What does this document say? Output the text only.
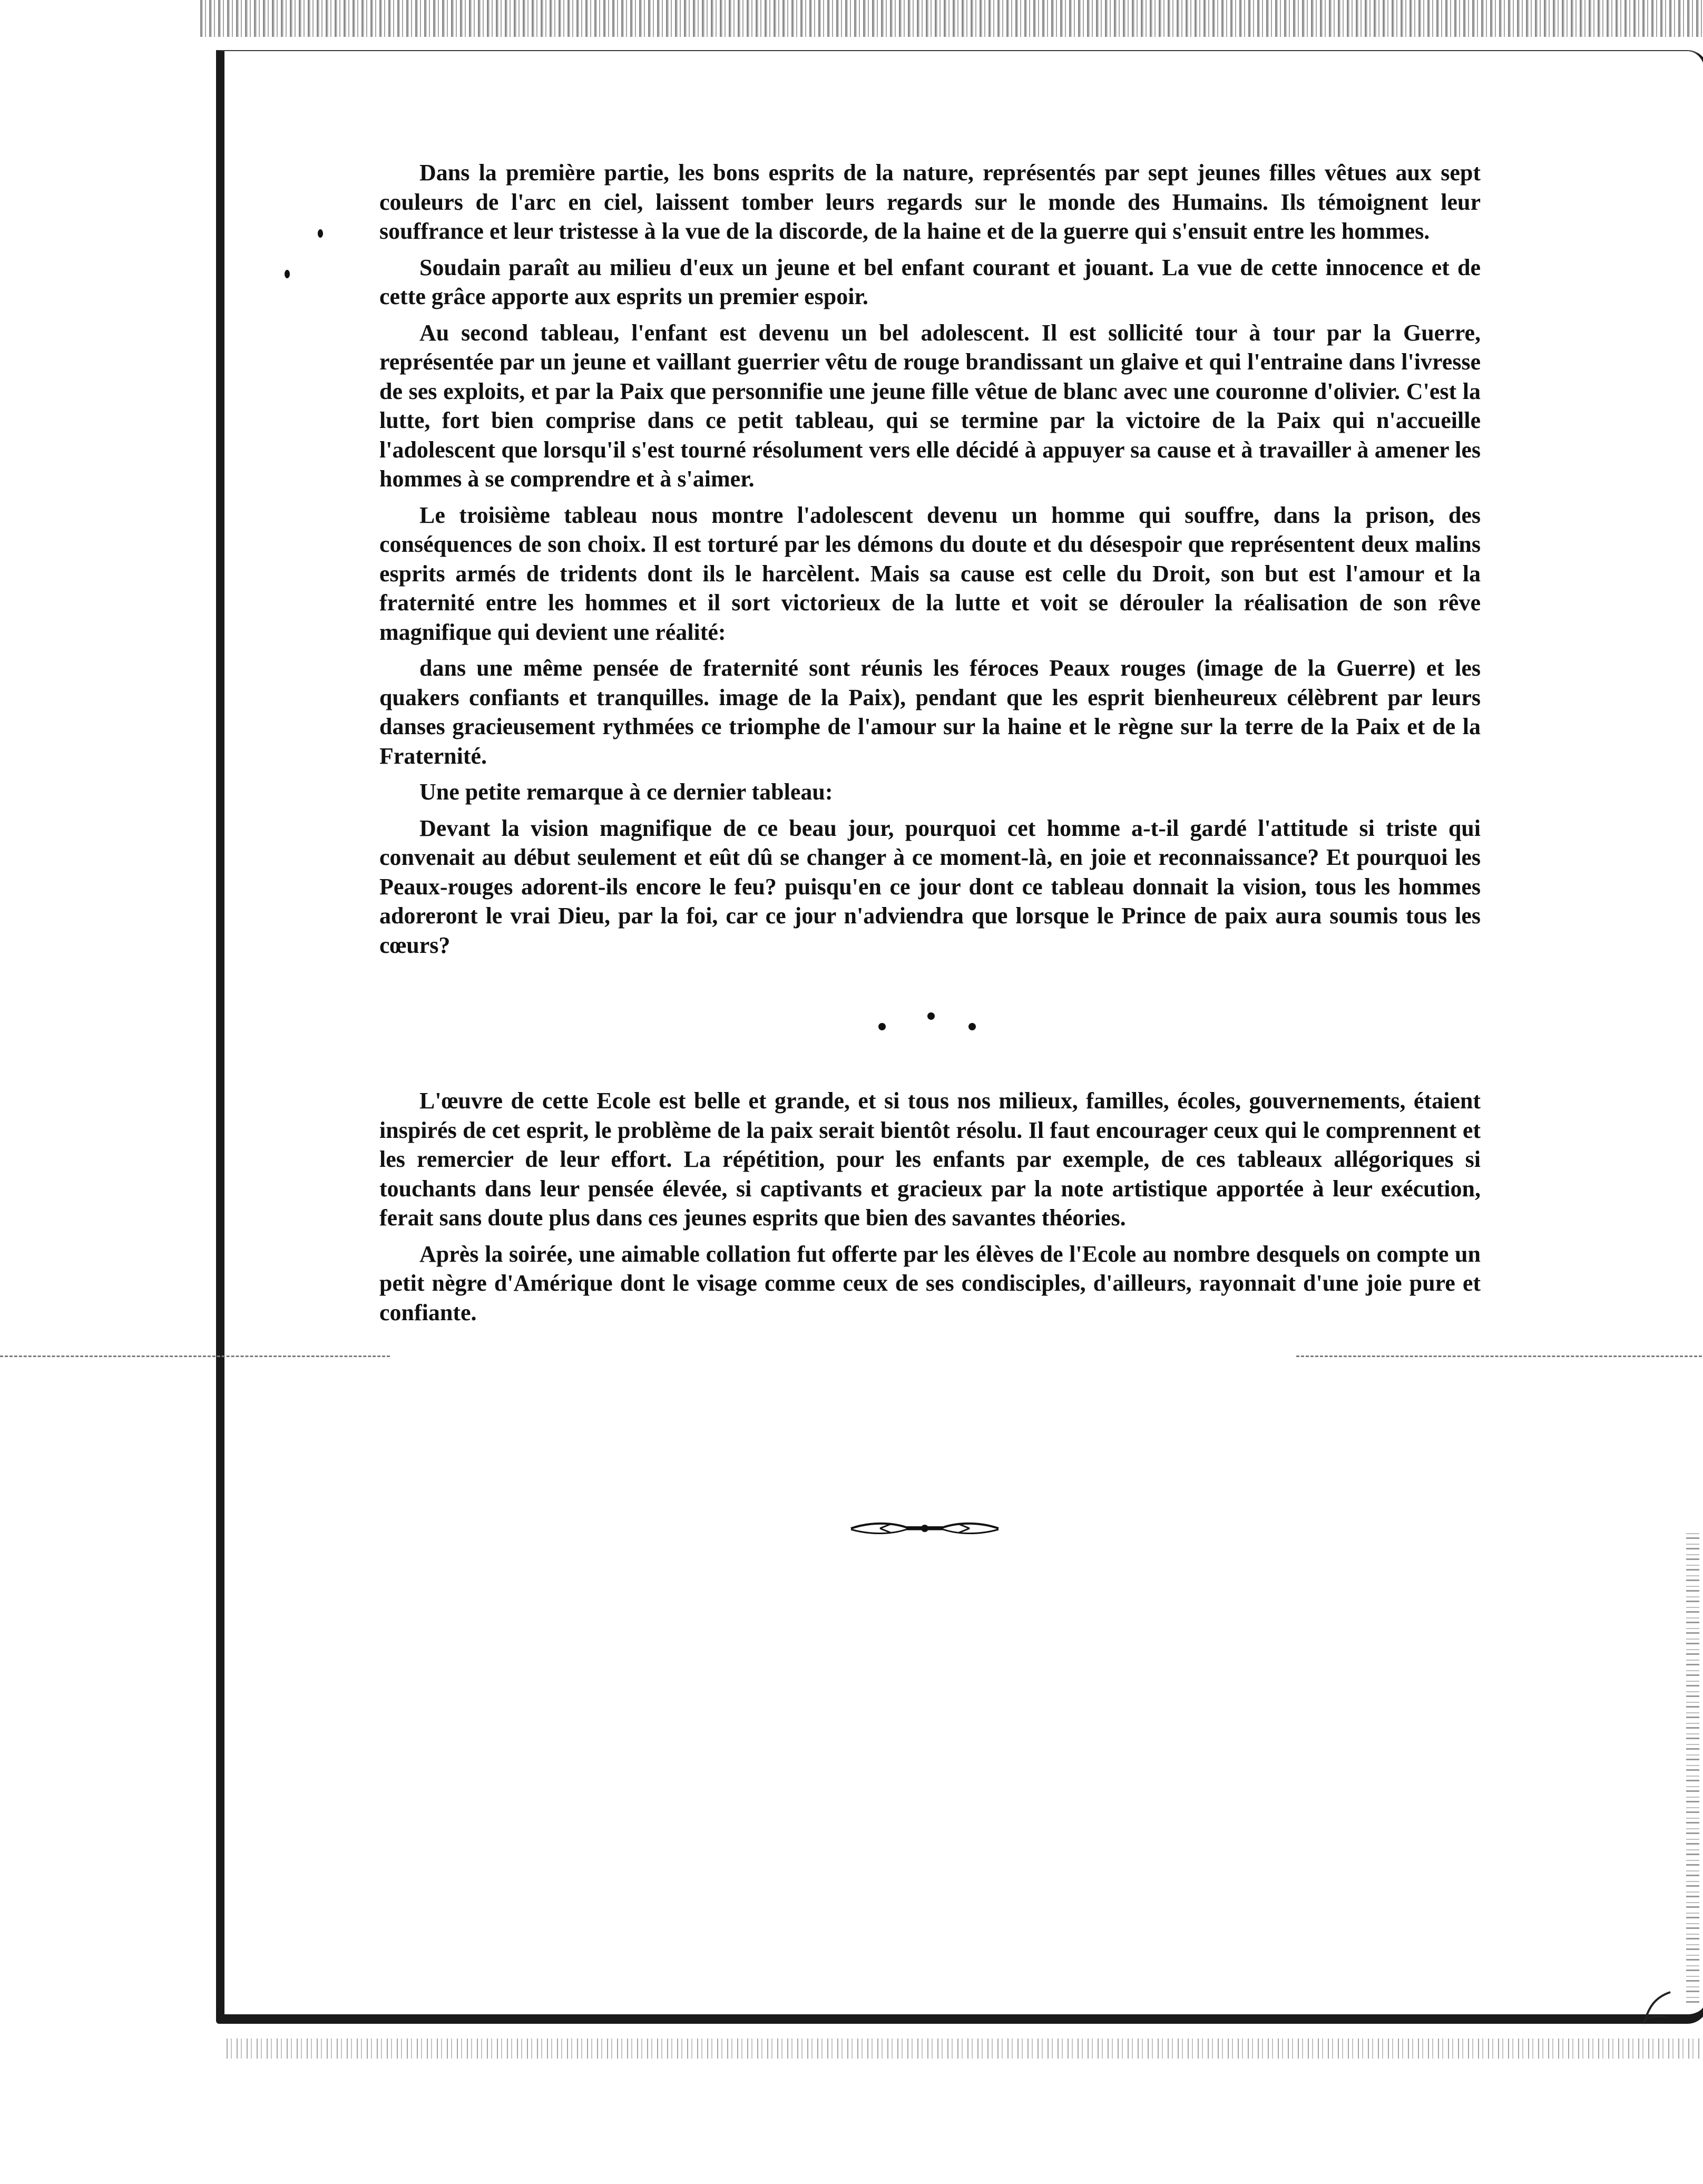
Dans la première partie, les bons esprits de la nature, représentés par sept jeunes filles vêtues aux sept couleurs de l'arc en ciel, laissent tomber leurs regards sur le monde des Humains. Ils témoignent leur souffrance et leur tristesse à la vue de la discorde, de la haine et de la guerre qui s'ensuit entre les hommes.

Soudain paraît au milieu d'eux un jeune et bel enfant courant et jouant. La vue de cette innocence et de cette grâce apporte aux esprits un premier espoir.

Au second tableau, l'enfant est devenu un bel adolescent. Il est sollicité tour à tour par la Guerre, représentée par un jeune et vaillant guerrier vêtu de rouge brandissant un glaive et qui l'entraine dans l'ivresse de ses exploits, et par la Paix que personnifie une jeune fille vêtue de blanc avec une couronne d'olivier. C'est la lutte, fort bien comprise dans ce petit tableau, qui se termine par la victoire de la Paix qui n'accueille l'adolescent que lorsqu'il s'est tourné résolument vers elle décidé à appuyer sa cause et à travailler à amener les hommes à se comprendre et à s'aimer.

Le troisième tableau nous montre l'adolescent devenu un homme qui souffre, dans la prison, des conséquences de son choix. Il est torturé par les démons du doute et du désespoir que représentent deux malins esprits armés de tridents dont ils le harcèlent. Mais sa cause est celle du Droit, son but est l'amour et la fraternité entre les hommes et il sort victorieux de la lutte et voit se dérouler la réalisation de son rêve magnifique qui devient une réalité:

dans une même pensée de fraternité sont réunis les féroces Peaux rouges (image de la Guerre) et les quakers confiants et tranquilles. image de la Paix), pendant que les esprit bienheureux célèbrent par leurs danses gracieusement rythmées ce triomphe de l'amour sur la haine et le règne sur la terre de la Paix et de la Fraternité.

Une petite remarque à ce dernier tableau:

Devant la vision magnifique de ce beau jour, pourquoi cet homme a-t-il gardé l'attitude si triste qui convenait au début seulement et eût dû se changer à ce moment-là, en joie et reconnaissance? Et pourquoi les Peaux-rouges adorent-ils encore le feu? puisqu'en ce jour dont ce tableau donnait la vision, tous les hommes adoreront le vrai Dieu, par la foi, car ce jour n'adviendra que lorsque le Prince de paix aura soumis tous les cœurs?

L'œuvre de cette Ecole est belle et grande, et si tous nos milieux, familles, écoles, gouvernements, étaient inspirés de cet esprit, le problème de la paix serait bientôt résolu. Il faut encourager ceux qui le comprennent et les remercier de leur effort. La répétition, pour les enfants par exemple, de ces tableaux allégoriques si touchants dans leur pensée élevée, si captivants et gracieux par la note artistique apportée à leur exécution, ferait sans doute plus dans ces jeunes esprits que bien des savantes théories.

Après la soirée, une aimable collation fut offerte par les élèves de l'Ecole au nombre desquels on compte un petit nègre d'Amérique dont le visage comme ceux de ses condisciples, d'ailleurs, rayonnait d'une joie pure et confiante.
